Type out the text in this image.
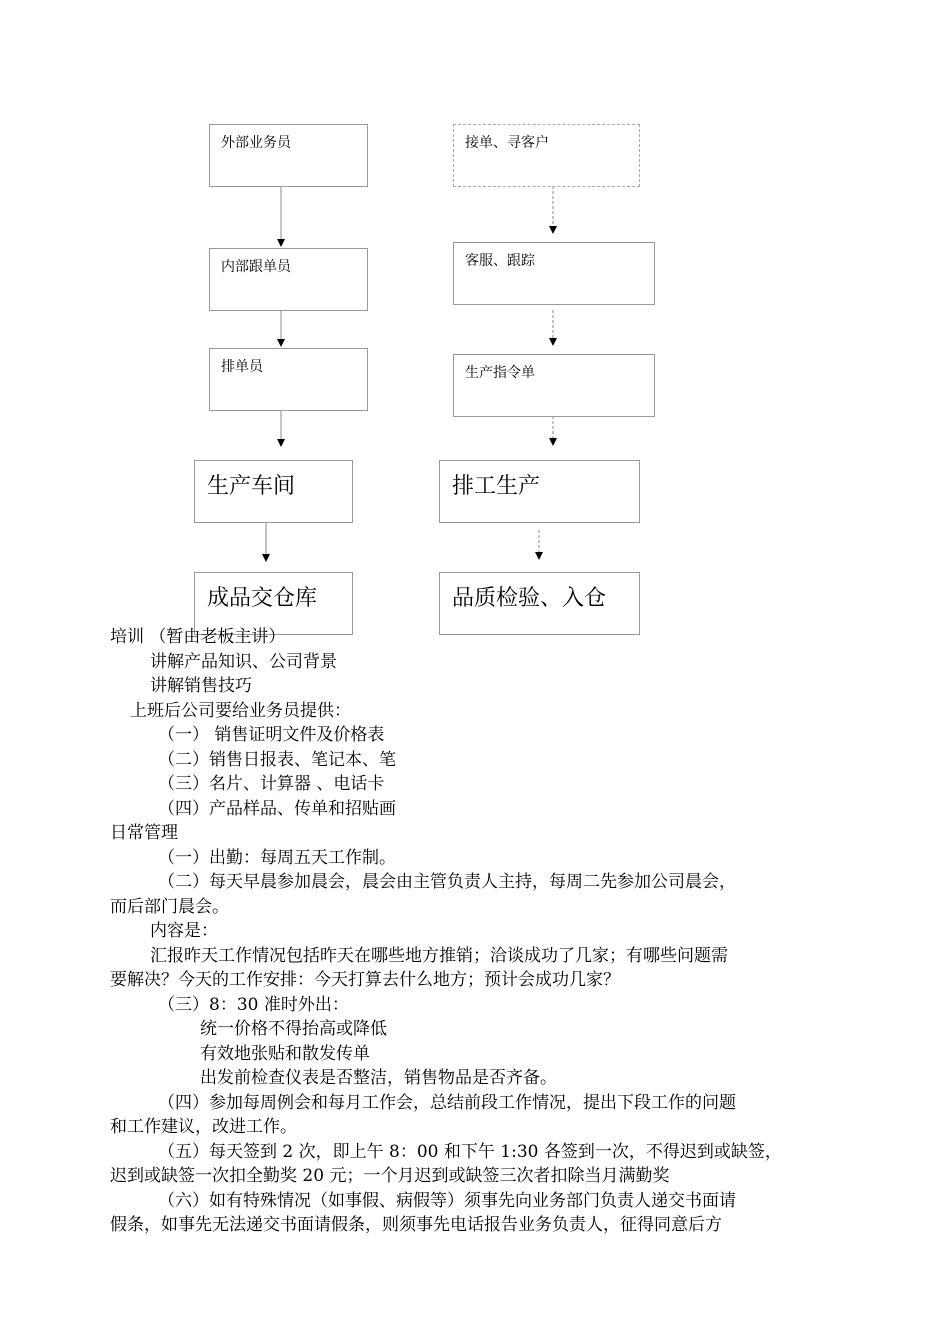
外部业务员
内部跟单员
排单员
生产车间
成品交仓库
接单、寻客户
客服、跟踪
生产指令单
排工生产
品质检验、入仓
培训 （暂由老板主讲）
讲解产品知识、公司背景
讲解销售技巧
上班后公司要给业务员提供：
（一） 销售证明文件及价格表
（二）销售日报表、笔记本、笔
（三）名片、计算器 、电话卡
（四）产品样品、传单和招贴画
日常管理
（一）出勤：每周五天工作制。
（二）每天早晨参加晨会，晨会由主管负责人主持，每周二先参加公司晨会，
而后部门晨会。
内容是：
汇报昨天工作情况包括昨天在哪些地方推销；洽谈成功了几家；有哪些问题需
要解决？今天的工作安排：今天打算去什么地方；预计会成功几家？
（三）8：30 准时外出：
统一价格不得抬高或降低
有效地张贴和散发传单
出发前检查仪表是否整洁，销售物品是否齐备。
（四）参加每周例会和每月工作会，总结前段工作情况，提出下段工作的问题
和工作建议，改进工作。
（五）每天签到 2 次，即上午 8：00 和下午 1:30 各签到一次，不得迟到或缺签，
迟到或缺签一次扣全勤奖 20 元；一个月迟到或缺签三次者扣除当月满勤奖
（六）如有特殊情况（如事假、病假等）须事先向业务部门负责人递交书面请
假条，如事先无法递交书面请假条，则须事先电话报告业务负责人，征得同意后方
